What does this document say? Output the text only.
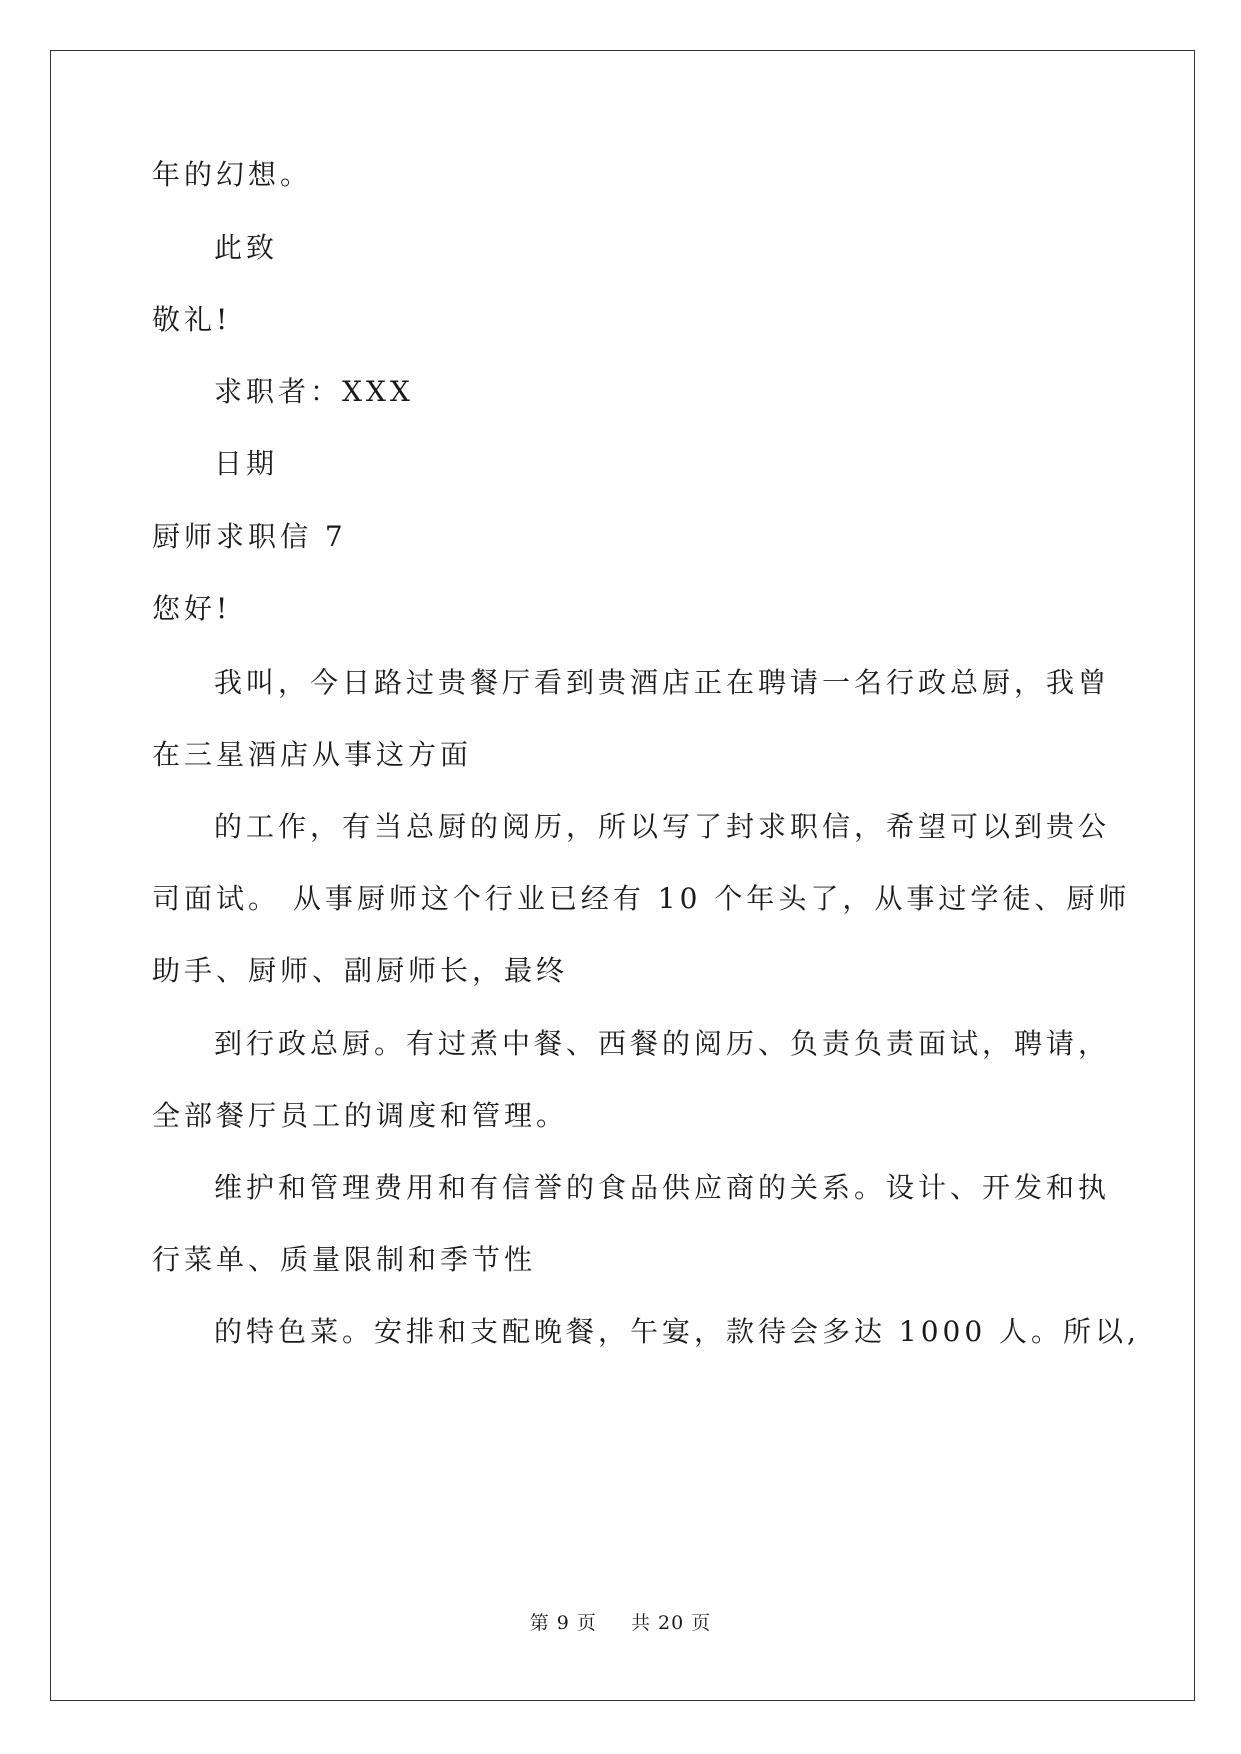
年的幻想。
此致
敬礼!
求职者：XXX
日期
厨师求职信 7
您好!
我叫，今日路过贵餐厅看到贵酒店正在聘请一名行政总厨，我曾
在三星酒店从事这方面
的工作，有当总厨的阅历，所以写了封求职信，希望可以到贵公
司面试。 从事厨师这个行业已经有 10 个年头了，从事过学徒、厨师
助手、厨师、副厨师长，最终
到行政总厨。有过煮中餐、西餐的阅历、负责负责面试，聘请，
全部餐厅员工的调度和管理。
维护和管理费用和有信誉的食品供应商的关系。设计、开发和执
行菜单、质量限制和季节性
的特色菜。安排和支配晚餐，午宴，款待会多达 1000 人。所以,
第 9 页 共 20 页
